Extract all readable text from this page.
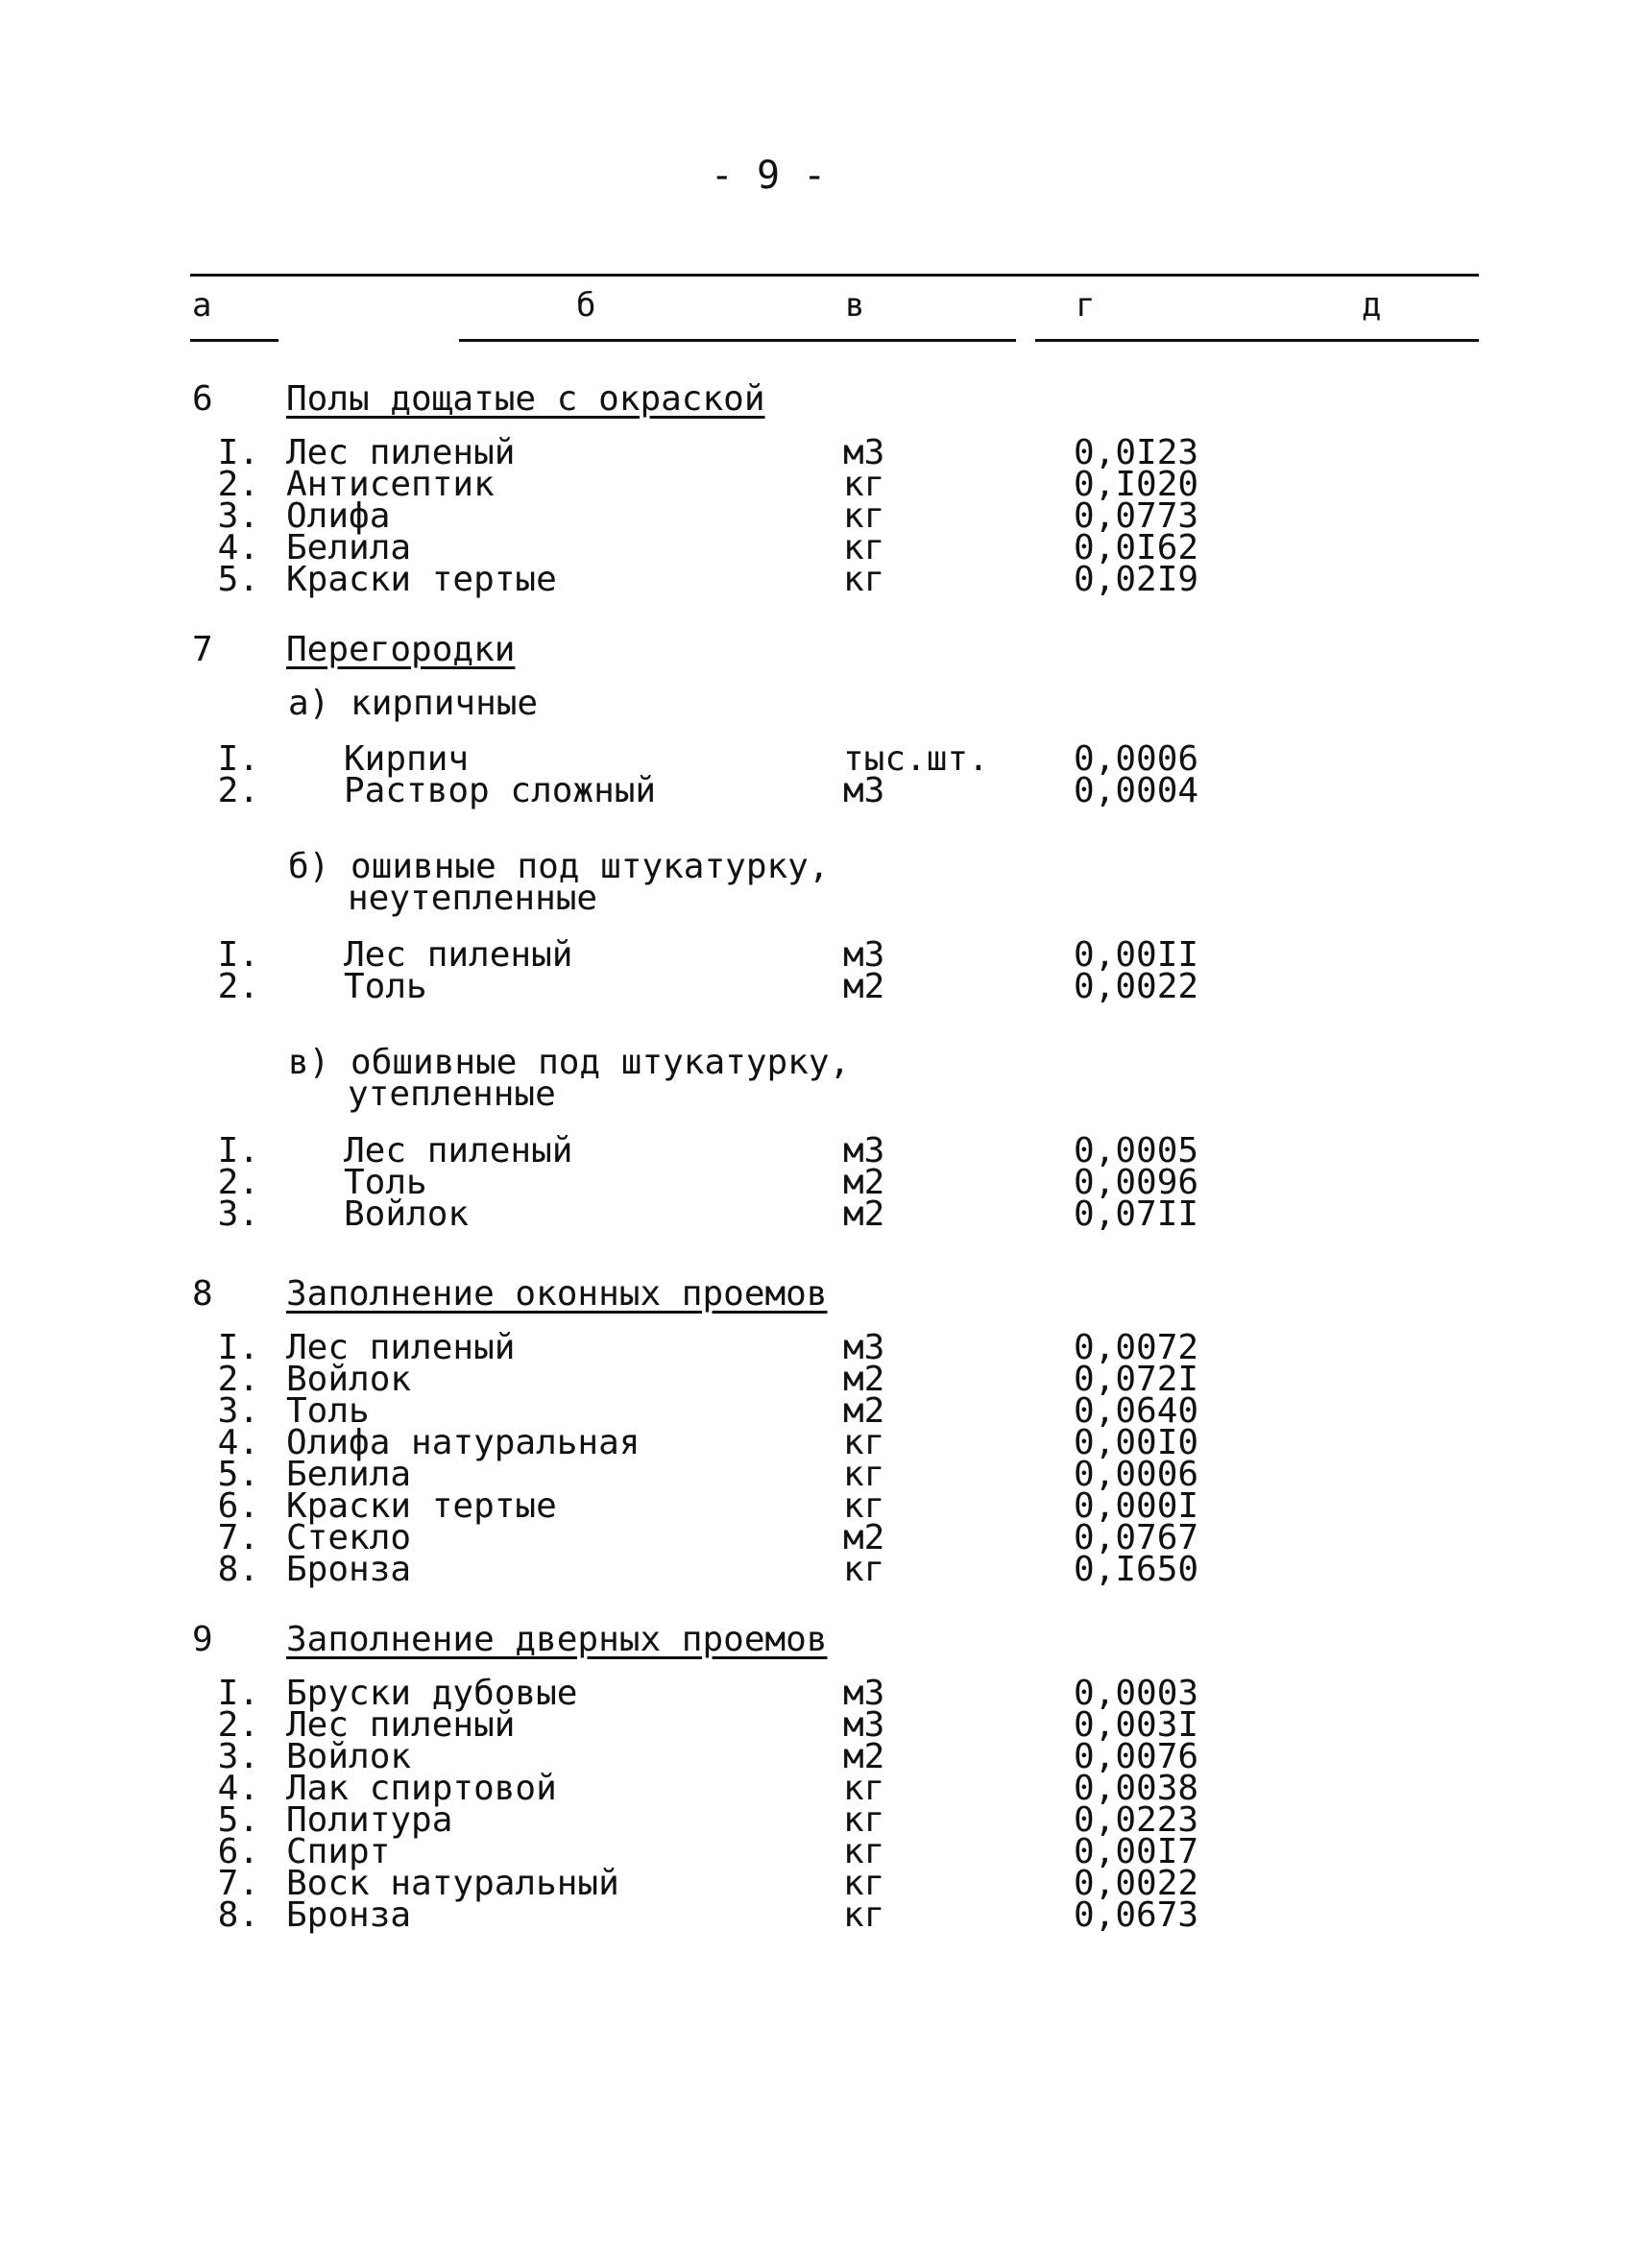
- 9 -
а	б	в	г	д
6 Полы дощатые с окраской
I. Лес пиленый	м3	0,0I23
2. Антисептик	кг	0,I020
3. Олифа	кг	0,0773
4. Белила	кг	0,0I62
5. Краски тертые	кг	0,02I9
7 Перегородки
а) кирпичные
I. Кирпич	тыс.шт. 0,0006
2. Раствор сложный	м3	0,0004
б) ошивные под штукатурку,
неутепленные
I. Лес пиленый	м3	0,00II
2. Толь	м2	0,0022
в) обшивные под штукатурку,
утепленные
I. Лес пиленый	м3	0,0005
2. Толь	м2	0,0096
3. Войлок	м2	0,07II
8 Заполнение оконных проемов
I. Лес пиленый	м3	0,0072
2. Войлок	м2	0,072I
3. Толь	м2	0,0640
4. Олифа натуральная	кг	0,00I0
5. Белила	кг	0,0006
6. Краски тертые	кг	0,000I
7. Стекло	м2	0,0767
8. Бронза	кг	0,I650
9 Заполнение дверных проемов
I. Бруски дубовые	м3	0,0003
2. Лес пиленый	м3	0,003I
3. Войлок	м2	0,0076
4. Лак спиртовой	кг	0,0038
5. Политура	кг	0,0223
6. Спирт	кг	0,00I7
7. Воск натуральный	кг	0,0022
8. Бронза	кг	0,0673
